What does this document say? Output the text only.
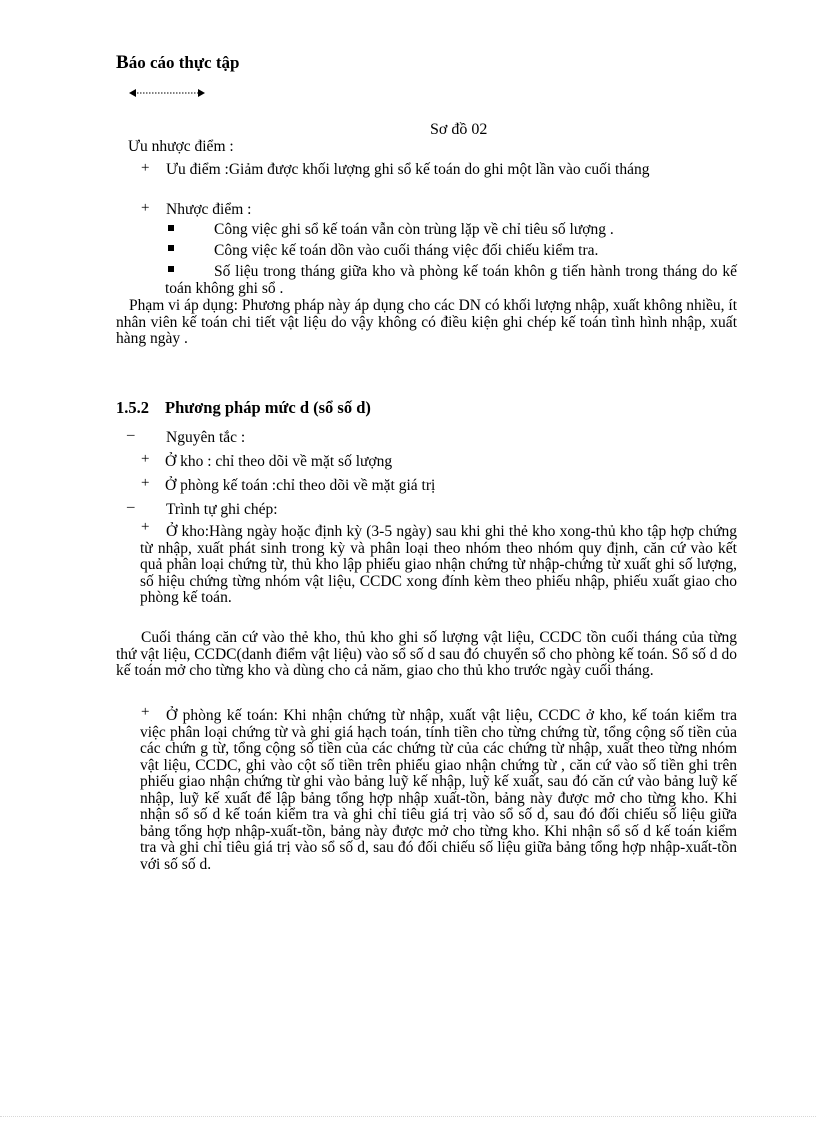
Báo cáo thực tập
Sơ đồ 02
Ưu nhược điểm :
+	Ưu điểm :Giảm được khối lượng ghi sổ kế toán do ghi một lần vào cuối tháng
+ Nhược điểm :
Công việc ghi sổ kế toán vẫn còn trùng lặp về chỉ tiêu số lượng .
Công việc kế toán dồn vào cuối tháng việc đối chiếu kiểm tra.
Số liệu trong tháng giữa kho và phòng kế toán khôn g tiến hành trong tháng do kế toán không ghi sổ .
Phạm vi áp dụng: Phương pháp này áp dụng cho các DN có khối lượng nhập, xuất không nhiều, ít nhân viên kế toán chi tiết vật liệu do vậy không có điều kiện ghi chép kế toán tình hình nhập, xuất hàng ngày .
1.5.2 Phương pháp mức d (sổ số d)
– Nguyên tắc :
+ Ở kho : chỉ theo dõi về mặt số lượng
+ Ở phòng kế toán :chỉ theo dõi về mặt giá trị
– Trình tự ghi chép:
+	Ở kho:Hàng ngày hoặc định kỳ (3-5 ngày) sau khi ghi thẻ kho xong-thủ kho tập hợp chứng từ nhập, xuất phát sinh trong kỳ và phân loại theo nhóm theo nhóm quy định, căn cứ vào kết quả phân loại chứng từ, thủ kho lập phiếu giao nhận chứng từ nhập-chứng từ xuất ghi số lượng, số hiệu chứng từng nhóm vật liệu, CCDC xong đính kèm theo phiếu nhập, phiếu xuất giao cho phòng kế toán.
Cuối tháng căn cứ vào thẻ kho, thủ kho ghi số lượng vật liệu, CCDC tồn cuối tháng của từng thứ vật liệu, CCDC(danh điểm vật liệu) vào sổ số d sau đó chuyển sổ cho phòng kế toán. Sổ số d do kế toán mở cho từng kho và dùng cho cả năm, giao cho thủ kho trước ngày cuối tháng.
+	Ở phòng kế toán: Khi nhận chứng từ nhập, xuất vật liệu, CCDC ở kho, kế toán kiểm tra việc phân loại chứng từ và ghi giá hạch toán, tính tiền cho từng chứng từ, tổng cộng số tiền của các chứn g từ, tổng cộng số tiền của các chứng từ của các chứng từ nhập, xuất theo từng nhóm vật liệu, CCDC, ghi vào cột số tiền trên phiếu giao nhận chứng từ , căn cứ vào số tiền ghi trên phiếu giao nhận chứng từ ghi vào bảng luỹ kế nhập, luỹ kế xuất, sau đó căn cứ vào bảng luỹ kế nhập, luỹ kế xuất để lập bảng tổng hợp nhập xuất-tồn, bảng này được mở cho từng kho. Khi nhận sổ số d kế toán kiểm tra và ghi chỉ tiêu giá trị vào sổ số d, sau đó đối chiếu số liệu giữa bảng tổng hợp nhập-xuất-tồn, bảng này được mở cho từng kho. Khi nhận sổ số d kế toán kiểm tra và ghi chỉ tiêu giá trị vào sổ số d, sau đó đối chiếu số liệu giữa bảng tổng hợp nhập-xuất-tồn với số số d.
